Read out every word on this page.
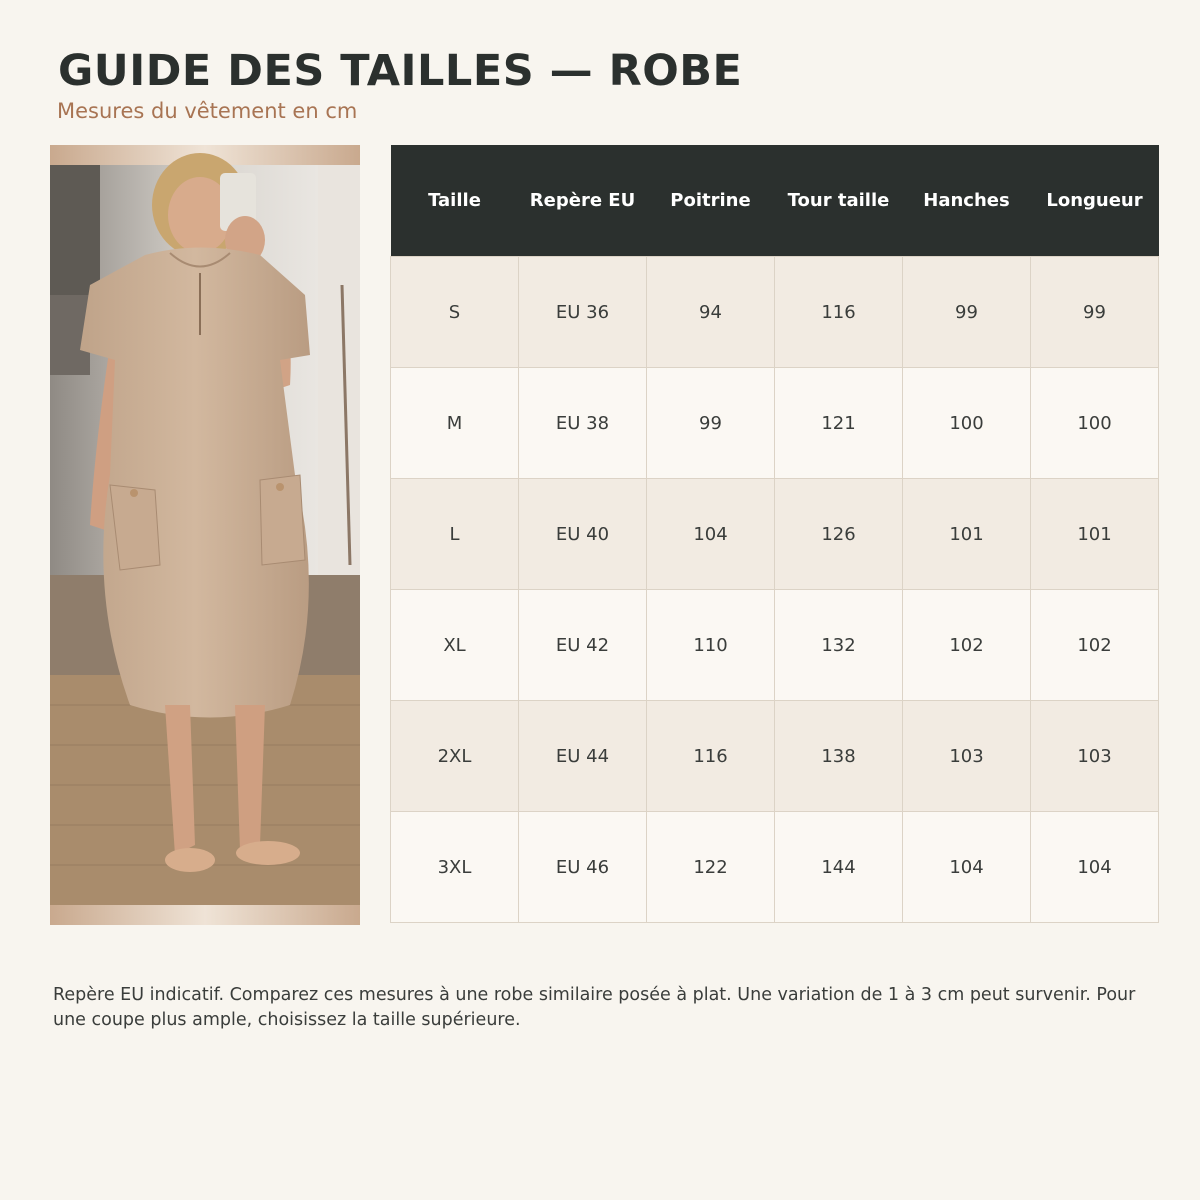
GUIDE DES TAILLES — ROBE
Mesures du vêtement en cm
Taille	Repère EU	Poitrine	Tour taille	Hanches	Longueur
S	EU 36	94	116	99	99
M	EU 38	99	121	100	100
L	EU 40	104	126	101	101
XL	EU 42	110	132	102	102
2XL	EU 44	116	138	103	103
3XL	EU 46	122	144	104	104

Repère EU indicatif. Comparez ces mesures à une robe similaire posée à plat. Une variation de 1 à 3 cm peut survenir. Pour une coupe plus ample, choisissez la taille supérieure.
